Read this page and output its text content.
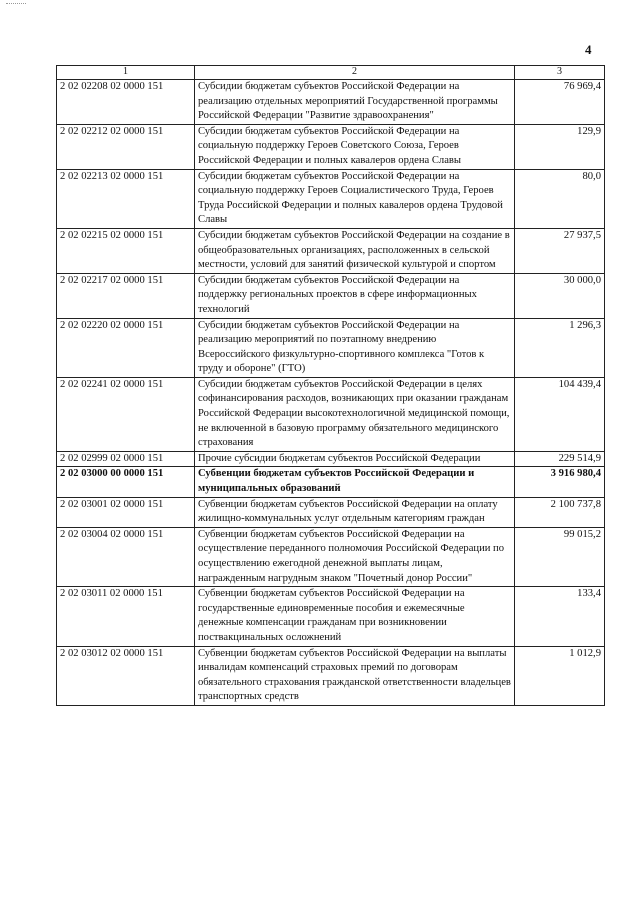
4
1	2	3
2 02 02208 02 0000 151	Субсидии бюджетам субъектов Российской Федерации на реализацию отдельных мероприятий Государственной программы Российской Федерации "Развитие здравоохранения"	76 969,4
2 02 02212 02 0000 151	Субсидии бюджетам субъектов Российской Федерации на социальную поддержку Героев Советского Союза, Героев Российской Федерации и полных кавалеров ордена Славы	129,9
2 02 02213 02 0000 151	Субсидии бюджетам субъектов Российской Федерации на социальную поддержку Героев Социалистического Труда, Героев Труда Российской Федерации и полных кавалеров ордена Трудовой Славы	80,0
2 02 02215 02 0000 151	Субсидии бюджетам субъектов Российской Федерации на создание в общеобразовательных организациях, расположенных в сельской местности, условий для занятий физической культурой и спортом	27 937,5
2 02 02217 02 0000 151	Субсидии бюджетам субъектов Российской Федерации на поддержку региональных проектов в сфере информационных технологий	30 000,0
2 02 02220 02 0000 151	Субсидии бюджетам субъектов Российской Федерации на реализацию мероприятий по поэтапному внедрению Всероссийского физкультурно-спортивного комплекса "Готов к труду и обороне" (ГТО)	1 296,3
2 02 02241 02 0000 151	Субсидии бюджетам субъектов Российской Федерации в целях софинансирования расходов, возникающих при оказании гражданам Российской Федерации высокотехнологичной медицинской помощи, не включенной в базовую программу обязательного медицинского страхования	104 439,4
2 02 02999 02 0000 151	Прочие субсидии бюджетам субъектов Российской Федерации	229 514,9
2 02 03000 00 0000 151	Субвенции бюджетам субъектов Российской Федерации и муниципальных образований	3 916 980,4
2 02 03001 02 0000 151	Субвенции бюджетам субъектов Российской Федерации на оплату жилищно-коммунальных услуг отдельным категориям граждан	2 100 737,8
2 02 03004 02 0000 151	Субвенции бюджетам субъектов Российской Федерации на осуществление переданного полномочия Российской Федерации по осуществлению ежегодной денежной выплаты лицам, награжденным нагрудным знаком "Почетный донор России"	99 015,2
2 02 03011 02 0000 151	Субвенции бюджетам субъектов Российской Федерации на государственные единовременные пособия и ежемесячные денежные компенсации гражданам при возникновении поствакцинальных осложнений	133,4
2 02 03012 02 0000 151	Субвенции бюджетам субъектов Российской Федерации на выплаты инвалидам компенсаций страховых премий по договорам обязательного страхования гражданской ответственности владельцев транспортных средств	1 012,9
